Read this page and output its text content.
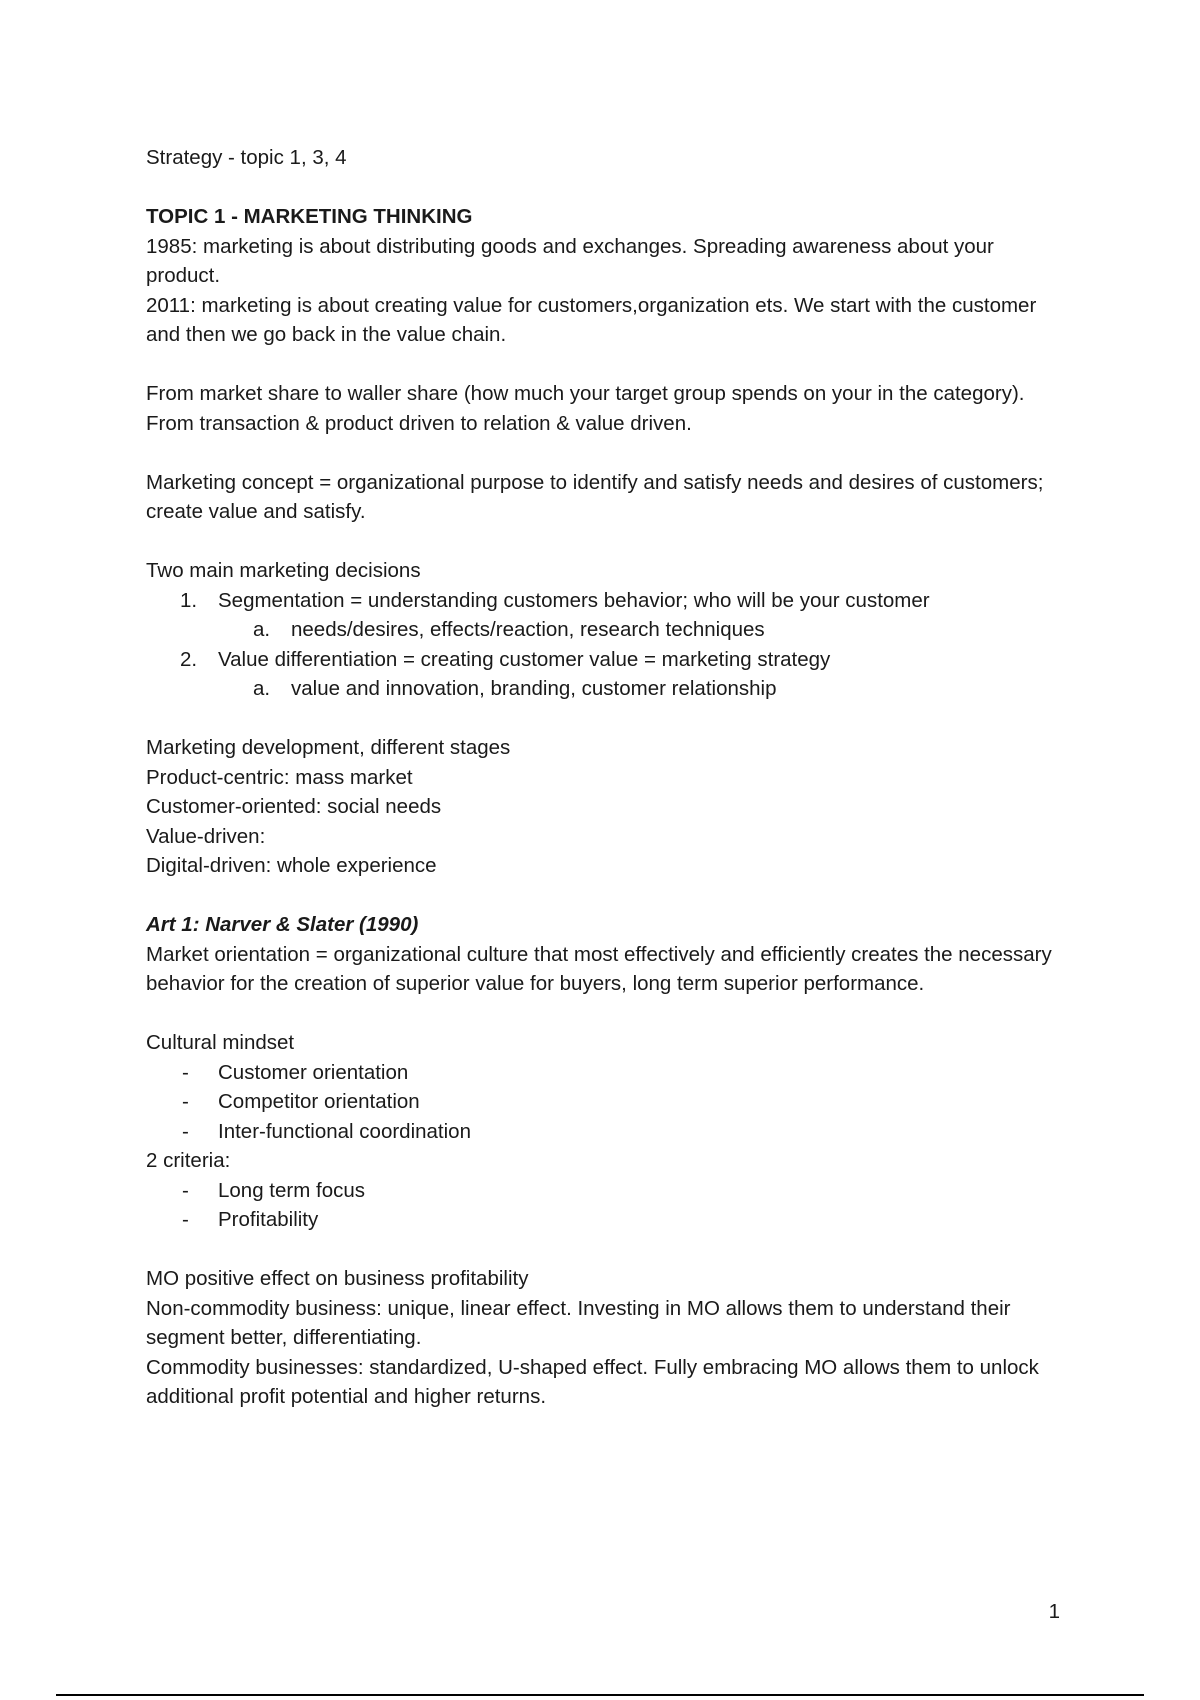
Strategy - topic 1, 3, 4

TOPIC 1 - MARKETING THINKING

1985: marketing is about distributing goods and exchanges. Spreading awareness about your product.

2011: marketing is about creating value for customers,organization ets. We start with the customer and then we go back in the value chain.

From market share to waller share (how much your target group spends on your in the category). From transaction & product driven to relation & value driven.

Marketing concept = organizational purpose to identify and satisfy needs and desires of customers; create value and satisfy.

Two main marketing decisions

1. Segmentation = understanding customers behavior; who will be your customer
a. needs/desires, effects/reaction, research techniques
2. Value differentiation = creating customer value = marketing strategy
a. value and innovation, branding, customer relationship

Marketing development, different stages

Product-centric: mass market

Customer-oriented: social needs

Value-driven:

Digital-driven: whole experience

Art 1: Narver & Slater (1990)

Market orientation = organizational culture that most effectively and efficiently creates the necessary behavior for the creation of superior value for buyers, long term superior performance.

Cultural mindset

- Customer orientation
- Competitor orientation
- Inter-functional coordination

2 criteria:

- Long term focus
- Profitability

MO positive effect on business profitability

Non-commodity business: unique, linear effect. Investing in MO allows them to understand their segment better, differentiating.

Commodity businesses: standardized, U-shaped effect. Fully embracing MO allows them to unlock additional profit potential and higher returns.

1
